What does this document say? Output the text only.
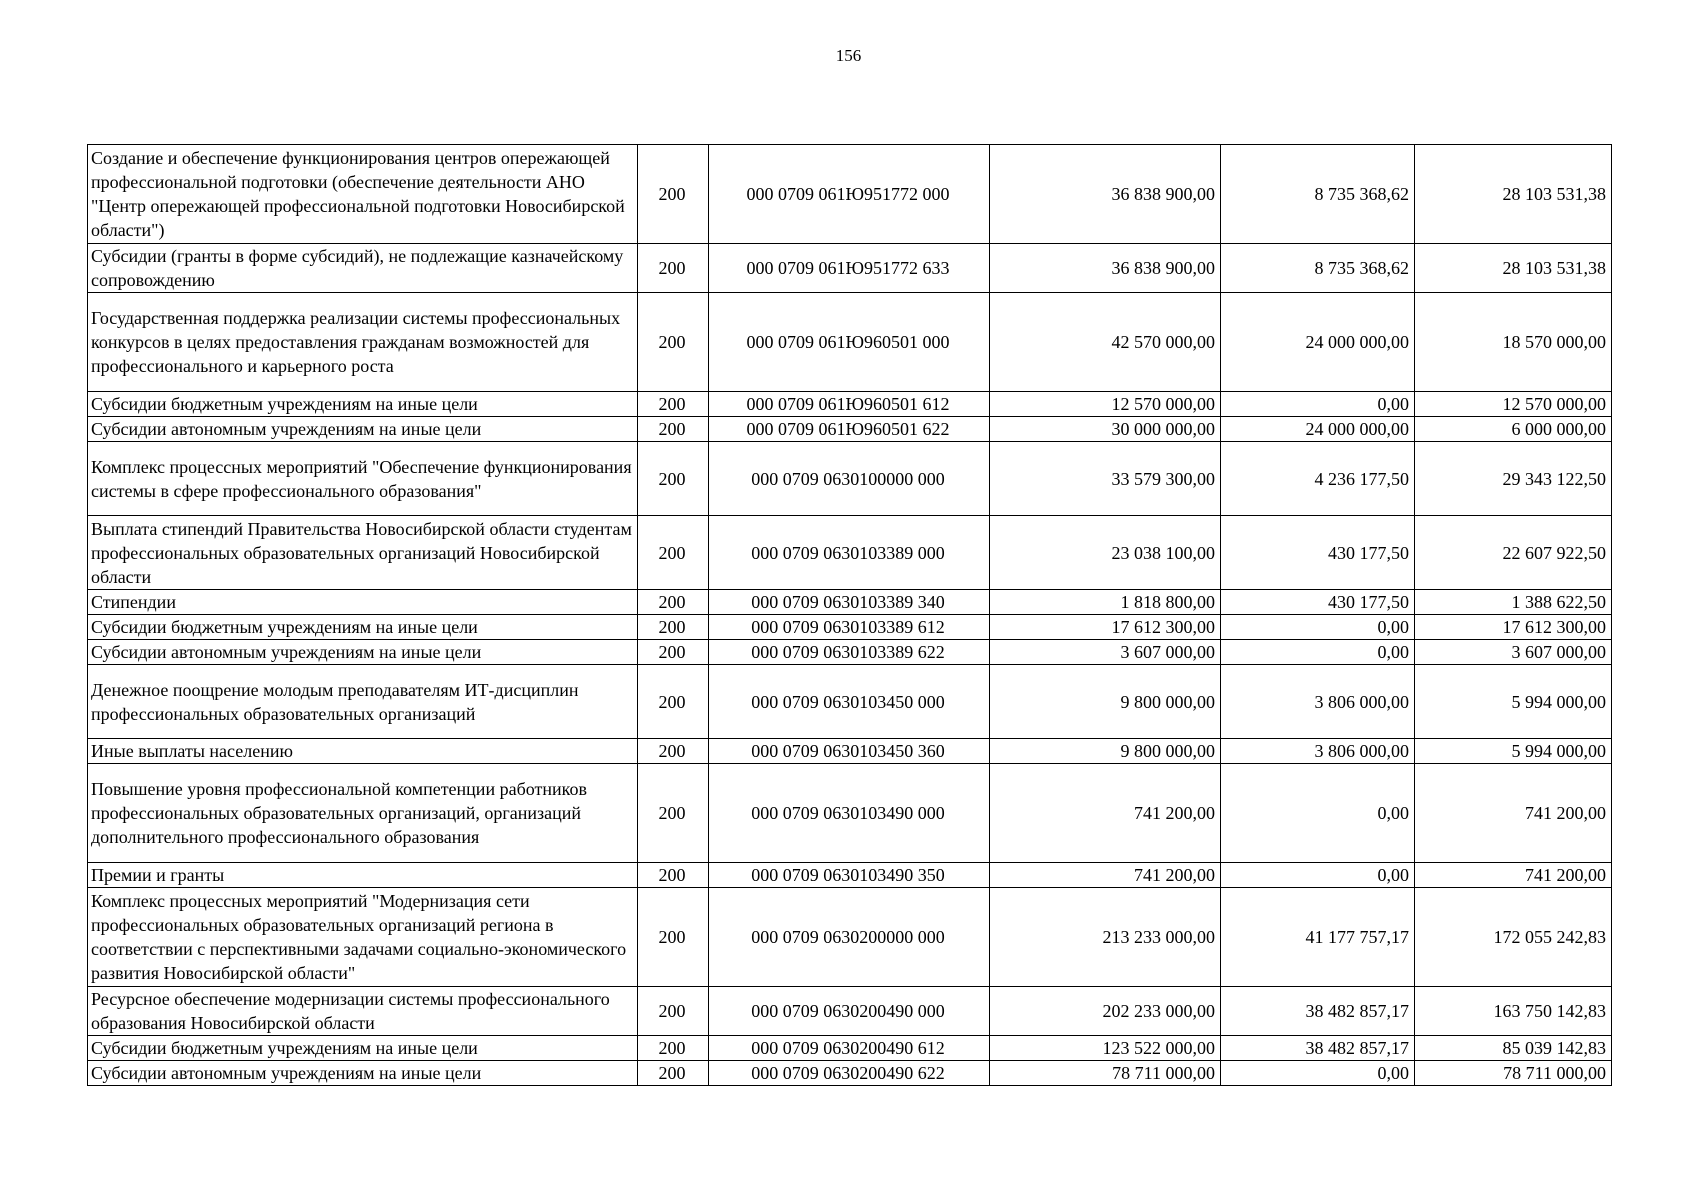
156
Создание и обеспечение функционирования центров опережающей профессиональной подготовки (обеспечение деятельности АНО "Центр опережающей профессиональной подготовки Новосибирской области")	200	000 0709 061Ю951772 000	36 838 900,00	8 735 368,62	28 103 531,38
Субсидии (гранты в форме субсидий), не подлежащие казначейскому сопровождению	200	000 0709 061Ю951772 633	36 838 900,00	8 735 368,62	28 103 531,38
Государственная поддержка реализации системы профессиональных конкурсов в целях предоставления гражданам возможностей для профессионального и карьерного роста	200	000 0709 061Ю960501 000	42 570 000,00	24 000 000,00	18 570 000,00
Субсидии бюджетным учреждениям на иные цели	200	000 0709 061Ю960501 612	12 570 000,00	0,00	12 570 000,00
Субсидии автономным учреждениям на иные цели	200	000 0709 061Ю960501 622	30 000 000,00	24 000 000,00	6 000 000,00
Комплекс процессных мероприятий "Обеспечение функционирования системы в сфере профессионального образования"	200	000 0709 0630100000 000	33 579 300,00	4 236 177,50	29 343 122,50
Выплата стипендий Правительства Новосибирской области студентам профессиональных образовательных организаций Новосибирской области	200	000 0709 0630103389 000	23 038 100,00	430 177,50	22 607 922,50
Стипендии	200	000 0709 0630103389 340	1 818 800,00	430 177,50	1 388 622,50
Субсидии бюджетным учреждениям на иные цели	200	000 0709 0630103389 612	17 612 300,00	0,00	17 612 300,00
Субсидии автономным учреждениям на иные цели	200	000 0709 0630103389 622	3 607 000,00	0,00	3 607 000,00
Денежное поощрение молодым преподавателям ИТ-дисциплин профессиональных образовательных организаций	200	000 0709 0630103450 000	9 800 000,00	3 806 000,00	5 994 000,00
Иные выплаты населению	200	000 0709 0630103450 360	9 800 000,00	3 806 000,00	5 994 000,00
Повышение уровня профессиональной компетенции работников профессиональных образовательных организаций, организаций дополнительного профессионального образования	200	000 0709 0630103490 000	741 200,00	0,00	741 200,00
Премии и гранты	200	000 0709 0630103490 350	741 200,00	0,00	741 200,00
Комплекс процессных мероприятий "Модернизация сети профессиональных образовательных организаций региона в соответствии с перспективными задачами социально-экономического развития Новосибирской области"	200	000 0709 0630200000 000	213 233 000,00	41 177 757,17	172 055 242,83
Ресурсное обеспечение модернизации системы профессионального образования Новосибирской области	200	000 0709 0630200490 000	202 233 000,00	38 482 857,17	163 750 142,83
Субсидии бюджетным учреждениям на иные цели	200	000 0709 0630200490 612	123 522 000,00	38 482 857,17	85 039 142,83
Субсидии автономным учреждениям на иные цели	200	000 0709 0630200490 622	78 711 000,00	0,00	78 711 000,00
